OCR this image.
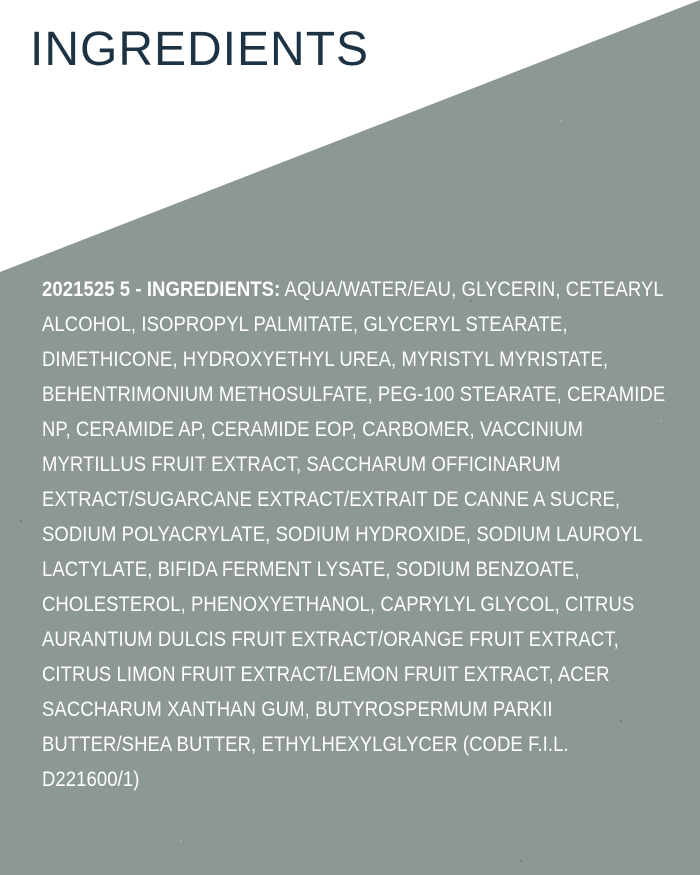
INGREDIENTS
2021525 5 - INGREDIENTS: AQUA/WATER/EAU, GLYCERIN, CETEARYL ALCOHOL, ISOPROPYL PALMITATE, GLYCERYL STEARATE, DIMETHICONE, HYDROXYETHYL UREA, MYRISTYL MYRISTATE, BEHENTRIMONIUM METHOSULFATE, PEG-100 STEARATE, CERAMIDE NP, CERAMIDE AP, CERAMIDE EOP, CARBOMER, VACCINIUM MYRTILLUS FRUIT EXTRACT, SACCHARUM OFFICINARUM EXTRACT/SUGARCANE EXTRACT/EXTRAIT DE CANNE A SUCRE, SODIUM POLYACRYLATE, SODIUM HYDROXIDE, SODIUM LAUROYL LACTYLATE, BIFIDA FERMENT LYSATE, SODIUM BENZOATE, CHOLESTEROL, PHENOXYETHANOL, CAPRYLYL GLYCOL, CITRUS AURANTIUM DULCIS FRUIT EXTRACT/ORANGE FRUIT EXTRACT, CITRUS LIMON FRUIT EXTRACT/LEMON FRUIT EXTRACT, ACER SACCHARUM XANTHAN GUM, BUTYROSPERMUM PARKII BUTTER/SHEA BUTTER, ETHYLHEXYLGLYCER (CODE F.I.L. D221600/1)
